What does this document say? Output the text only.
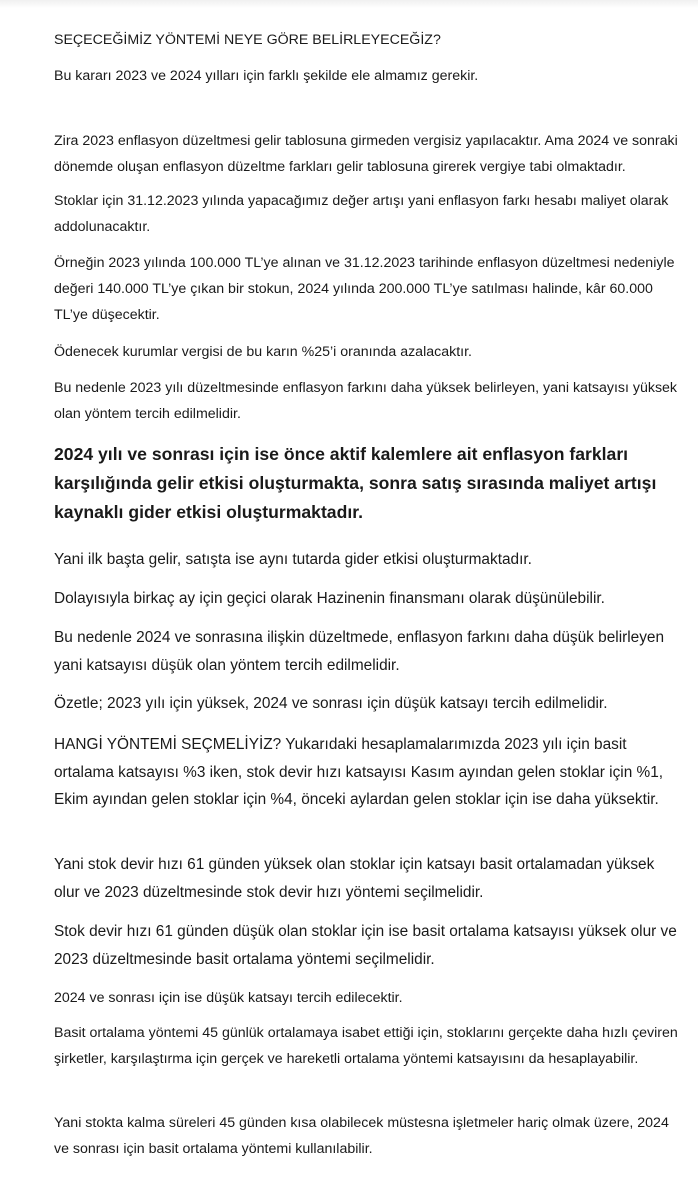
SEÇECEĞİMİZ YÖNTEMİ NEYE GÖRE BELİRLEYECEĞİZ?

Bu kararı 2023 ve 2024 yılları için farklı şekilde ele almamız gerekir.

Zira 2023 enflasyon düzeltmesi gelir tablosuna girmeden vergisiz yapılacaktır. Ama 2024 ve sonraki dönemde oluşan enflasyon düzeltme farkları gelir tablosuna girerek vergiye tabi olmaktadır.

Stoklar için 31.12.2023 yılında yapacağımız değer artışı yani enflasyon farkı hesabı maliyet olarak addolunacaktır.

Örneğin 2023 yılında 100.000 TL’ye alınan ve 31.12.2023 tarihinde enflasyon düzeltmesi nedeniyle değeri 140.000 TL’ye çıkan bir stokun, 2024 yılında 200.000 TL’ye satılması halinde, kâr 60.000 TL’ye düşecektir.

Ödenecek kurumlar vergisi de bu karın %25’i oranında azalacaktır.

Bu nedenle 2023 yılı düzeltmesinde enflasyon farkını daha yüksek belirleyen, yani katsayısı yüksek olan yöntem tercih edilmelidir.

2024 yılı ve sonrası için ise önce aktif kalemlere ait enflasyon farkları karşılığında gelir etkisi oluşturmakta, sonra satış sırasında maliyet artışı kaynaklı gider etkisi oluşturmaktadır.

Yani ilk başta gelir, satışta ise aynı tutarda gider etkisi oluşturmaktadır.

Dolayısıyla birkaç ay için geçici olarak Hazinenin finansmanı olarak düşünülebilir.

Bu nedenle 2024 ve sonrasına ilişkin düzeltmede, enflasyon farkını daha düşük belirleyen yani katsayısı düşük olan yöntem tercih edilmelidir.

Özetle; 2023 yılı için yüksek, 2024 ve sonrası için düşük katsayı tercih edilmelidir.

HANGİ YÖNTEMİ SEÇMELİYİZ? Yukarıdaki hesaplamalarımızda 2023 yılı için basit ortalama katsayısı %3 iken, stok devir hızı katsayısı Kasım ayından gelen stoklar için %1, Ekim ayından gelen stoklar için %4, önceki aylardan gelen stoklar için ise daha yüksektir.

Yani stok devir hızı 61 günden yüksek olan stoklar için katsayı basit ortalamadan yüksek olur ve 2023 düzeltmesinde stok devir hızı yöntemi seçilmelidir.

Stok devir hızı 61 günden düşük olan stoklar için ise basit ortalama katsayısı yüksek olur ve 2023 düzeltmesinde basit ortalama yöntemi seçilmelidir.

2024 ve sonrası için ise düşük katsayı tercih edilecektir.

Basit ortalama yöntemi 45 günlük ortalamaya isabet ettiği için, stoklarını gerçekte daha hızlı çeviren şirketler, karşılaştırma için gerçek ve hareketli ortalama yöntemi katsayısını da hesaplayabilir.

Yani stokta kalma süreleri 45 günden kısa olabilecek müstesna işletmeler hariç olmak üzere, 2024 ve sonrası için basit ortalama yöntemi kullanılabilir.
